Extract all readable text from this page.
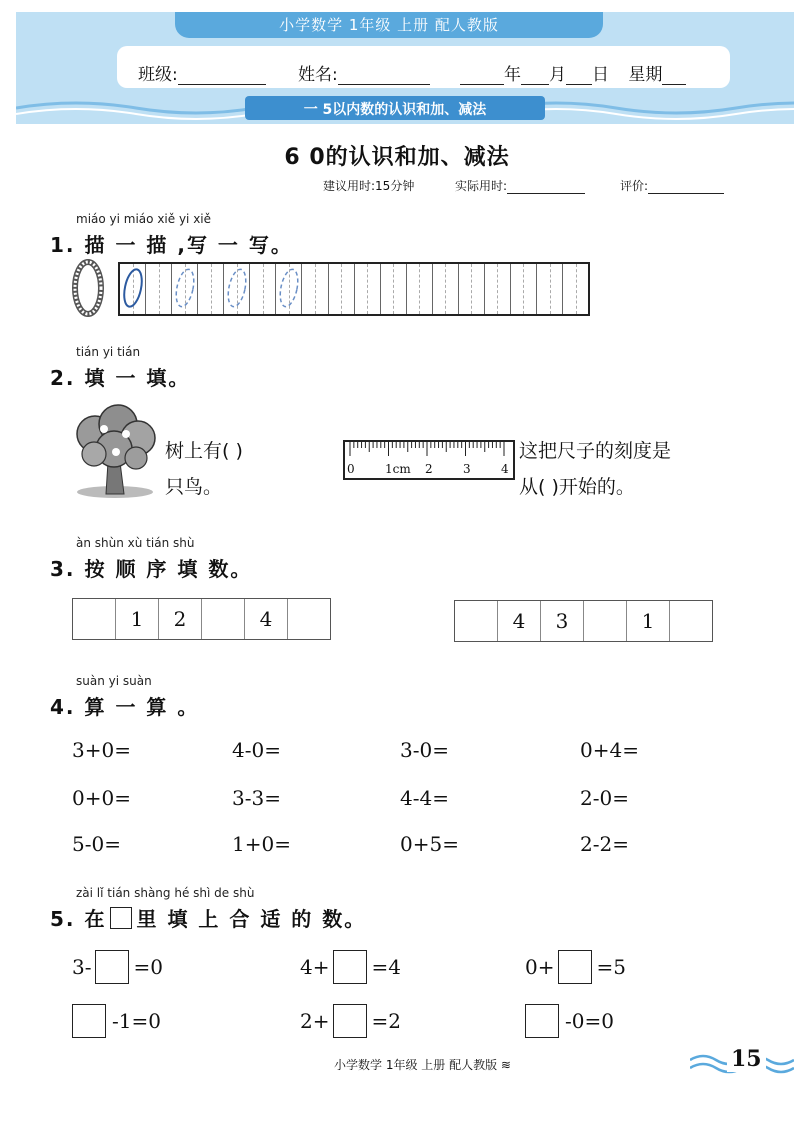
小学数学 1年级 上册 配人教版
班级:	姓名:	年 月 日 星期
一 5以内数的认识和加、减法
6 0的认识和加、减法
建议用时:15分钟	实际用时:	评价:
miáo yi miáo xiě yi xiě
1. 描 一 描 ,写 一 写。
tián yi tián
2. 填 一 填。
树上有( )
只鸟。
0	1cm 2	3	4
这把尺子的刻度是
从( )开始的。
àn shùn xù tián shù
3. 按 顺 序 填 数。
1	2	4	4	3	1
suàn yi suàn
4. 算 一 算 。
3+0=	4-0=	3-0=	0+4=
0+0=	3-3=	4-4=	2-0=
5-0=	1+0=	0+5=	2-2=
zài lǐ tián shàng hé shì de shù
5. 在 里 填 上 合 适 的 数。
3- =0	4+ =4	0+ =5
-1=0	2+ =2	-0=0
小学数学 1年级 上册 配人教版 ≋	15
